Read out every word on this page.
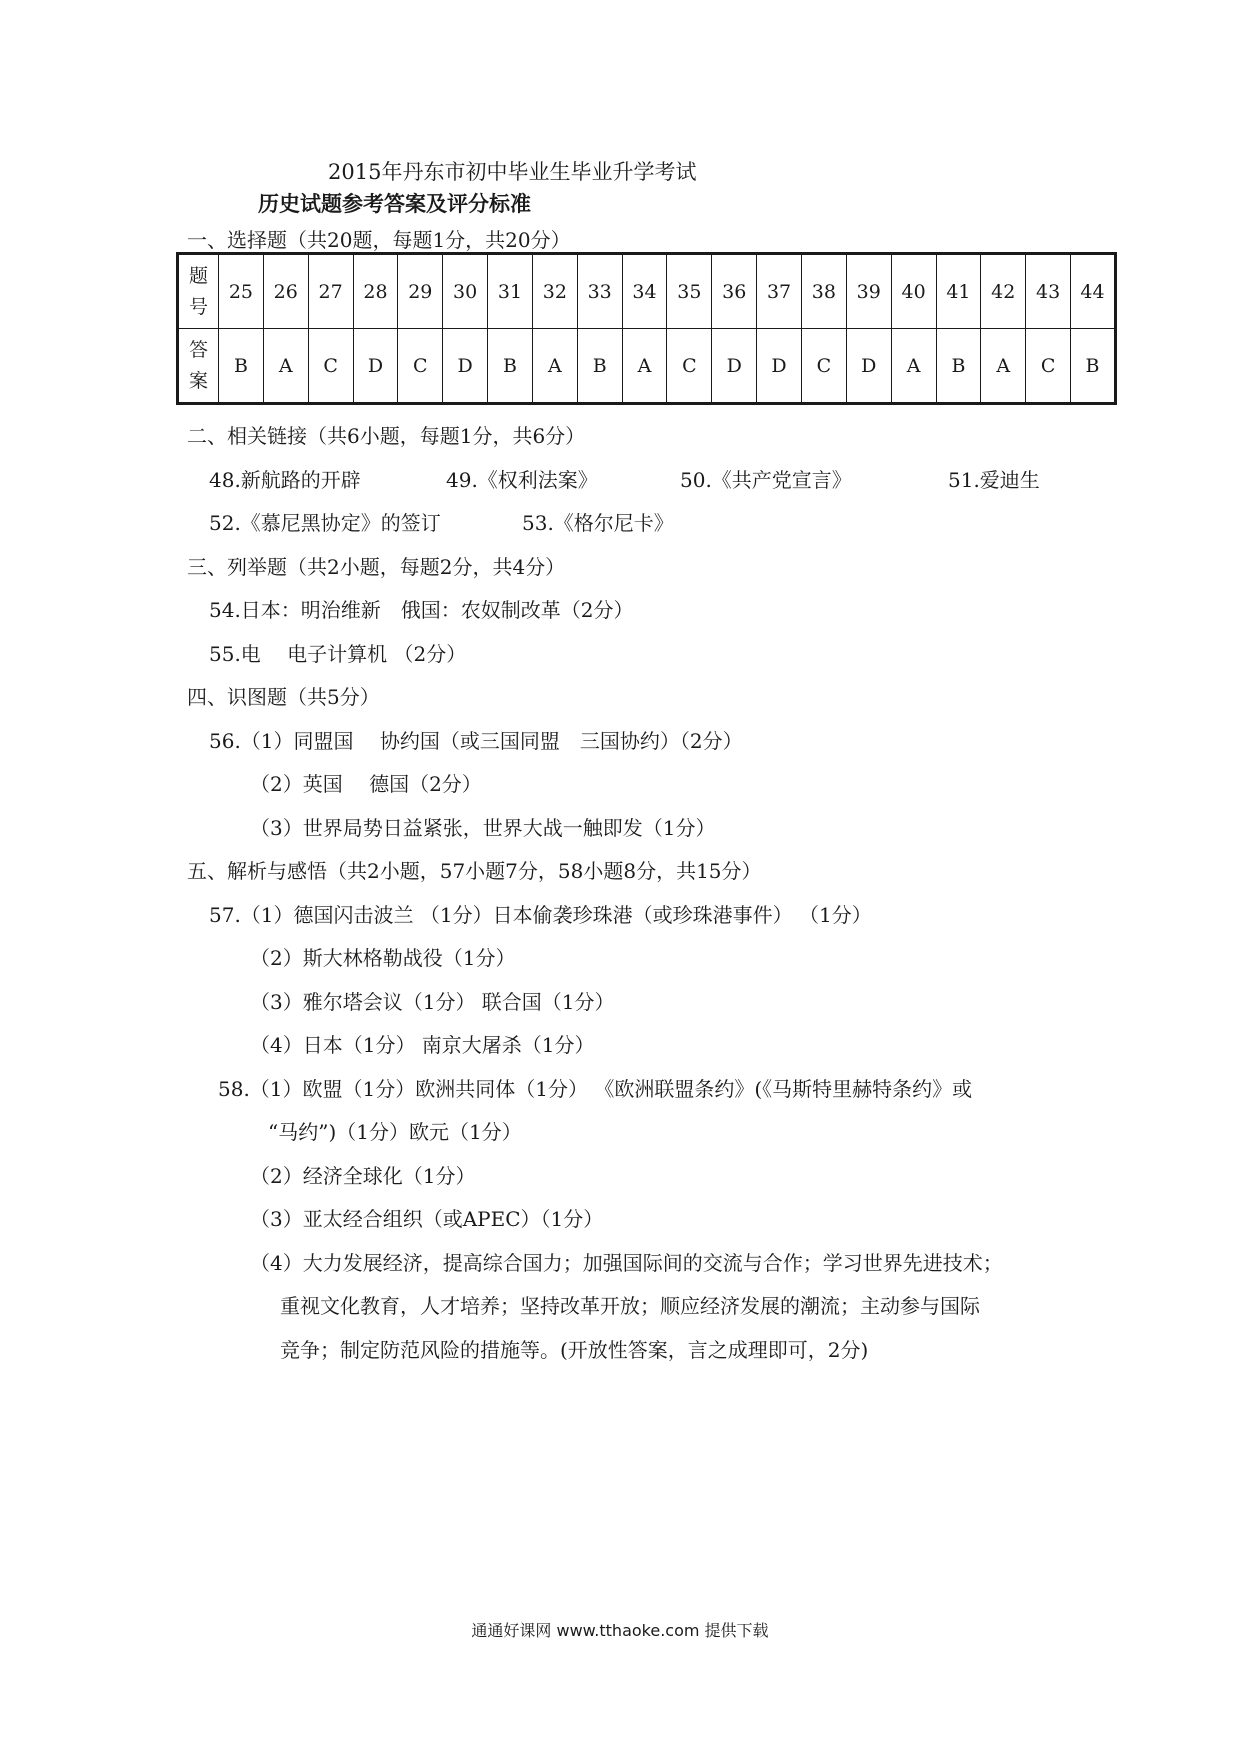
2015年丹东市初中毕业生毕业升学考试
历史试题参考答案及评分标准
一、选择题（共20题，每题1分，共20分）
题
号	25	26	27	28	29	30	31	32	33	34	35	36	37	38	39	40	41	42	43	44
答
案	B	A	C	D	C	D	B	A	B	A	C	D	D	C	D	A	B	A	C	B
二、相关链接（共6小题，每题1分，共6分）
48.新航路的开辟	49.《权利法案》	50.《共产党宣言》	51.爱迪生
52.《慕尼黑协定》的签订	53.《格尔尼卡》
三、列举题（共2小题，每题2分，共4分）
54.日本：明治维新　俄国：农奴制改革（2分）
55.电　 电子计算机 （2分）
四、识图题（共5分）
56.（1）同盟国　 协约国（或三国同盟　三国协约）（2分）
（2）英国　 德国（2分）
（3）世界局势日益紧张，世界大战一触即发（1分）
五、解析与感悟（共2小题，57小题7分，58小题8分，共15分）
57.（1）德国闪击波兰 （1分）日本偷袭珍珠港（或珍珠港事件） （1分）
（2）斯大林格勒战役（1分）
（3）雅尔塔会议（1分） 联合国（1分）
（4）日本（1分） 南京大屠杀（1分）
58.（1）欧盟（1分）欧洲共同体（1分） 《欧洲联盟条约》(《马斯特里赫特条约》或
“马约”)（1分）欧元（1分）
（2）经济全球化（1分）
（3）亚太经合组织（或APEC）（1分）
（4）大力发展经济，提高综合国力；加强国际间的交流与合作；学习世界先进技术；
重视文化教育，人才培养；坚持改革开放；顺应经济发展的潮流；主动参与国际
竞争；制定防范风险的措施等。(开放性答案，言之成理即可，2分)
通通好课网 www.tthaoke.com 提供下载
